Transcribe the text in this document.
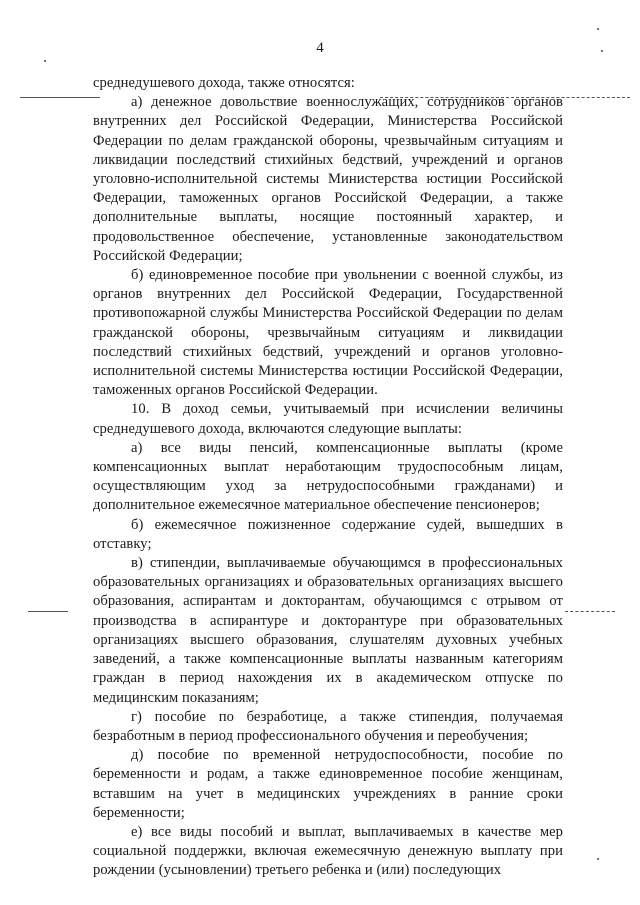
4

среднедушевого дохода, также относятся:

а) денежное довольствие военнослужащих, сотрудников органов внутренних дел Российской Федерации, Министерства Российской Федерации по делам гражданской обороны, чрезвычайным ситуациям и ликвидации последствий стихийных бедствий, учреждений и органов уголовно-исполнительной системы Министерства юстиции Российской Федерации, таможенных органов Российской Федерации, а также дополнительные выплаты, носящие постоянный характер, и продовольственное обеспечение, установленные законодательством Российской Федерации;

б) единовременное пособие при увольнении с военной службы, из органов внутренних дел Российской Федерации, Государственной противопожарной службы Министерства Российской Федерации по делам гражданской обороны, чрезвычайным ситуациям и ликвидации последствий стихийных бедствий, учреждений и органов уголовно-исполнительной системы Министерства юстиции Российской Федерации, таможенных органов Российской Федерации.

10. В доход семьи, учитываемый при исчислении величины среднедушевого дохода, включаются следующие выплаты:

а) все виды пенсий, компенсационные выплаты (кроме компенсационных выплат неработающим трудоспособным лицам, осуществляющим уход за нетрудоспособными гражданами) и дополнительное ежемесячное материальное обеспечение пенсионеров;

б) ежемесячное пожизненное содержание судей, вышедших в отставку;

в) стипендии, выплачиваемые обучающимся в профессиональных образовательных организациях и образовательных организациях высшего образования, аспирантам и докторантам, обучающимся с отрывом от производства в аспирантуре и докторантуре при образовательных организациях высшего образования, слушателям духовных учебных заведений, а также компенсационные выплаты названным категориям граждан в период нахождения их в академическом отпуске по медицинским показаниям;

г) пособие по безработице, а также стипендия, получаемая безработным в период профессионального обучения и переобучения;

д) пособие по временной нетрудоспособности, пособие по беременности и родам, а также единовременное пособие женщинам, вставшим на учет в медицинских учреждениях в ранние сроки беременности;

е) все виды пособий и выплат, выплачиваемых в качестве мер социальной поддержки, включая ежемесячную денежную выплату при рождении (усыновлении) третьего ребенка и (или) последующих
